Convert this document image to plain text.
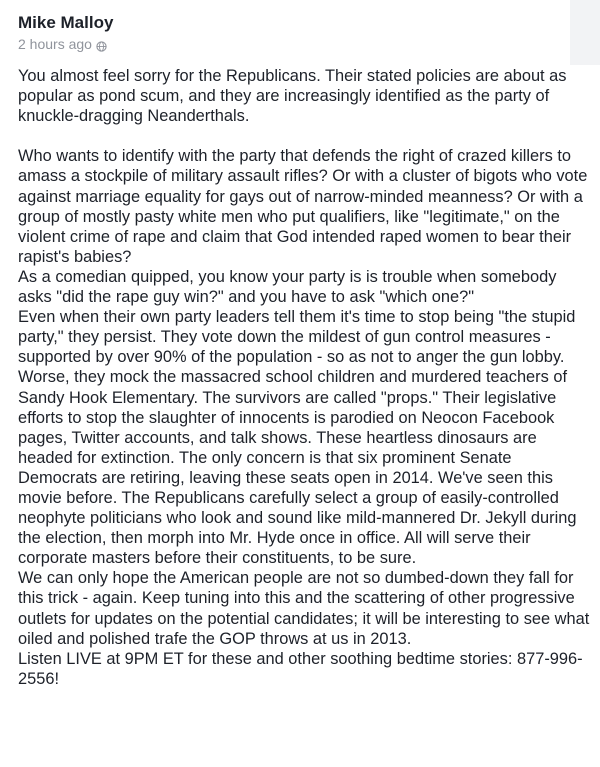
Mike Malloy
2 hours ago

You almost feel sorry for the Republicans. Their stated policies are about as popular as pond scum, and they are increasingly identified as the party of knuckle-dragging Neanderthals.

Who wants to identify with the party that defends the right of crazed killers to amass a stockpile of military assault rifles? Or with a cluster of bigots who vote against marriage equality for gays out of narrow-minded meanness? Or with a group of mostly pasty white men who put qualifiers, like "legitimate," on the violent crime of rape and claim that God intended raped women to bear their rapist's babies?

As a comedian quipped, you know your party is is trouble when somebody asks "did the rape guy win?" and you have to ask "which one?"

Even when their own party leaders tell them it's time to stop being "the stupid party," they persist. They vote down the mildest of gun control measures - supported by over 90% of the population - so as not to anger the gun lobby. Worse, they mock the massacred school children and murdered teachers of Sandy Hook Elementary. The survivors are called "props." Their legislative efforts to stop the slaughter of innocents is parodied on Neocon Facebook pages, Twitter accounts, and talk shows. These heartless dinosaurs are headed for extinction. The only concern is that six prominent Senate Democrats are retiring, leaving these seats open in 2014. We've seen this movie before. The Republicans carefully select a group of easily-controlled neophyte politicians who look and sound like mild-mannered Dr. Jekyll during the election, then morph into Mr. Hyde once in office. All will serve their corporate masters before their constituents, to be sure.

We can only hope the American people are not so dumbed-down they fall for this trick - again. Keep tuning into this and the scattering of other progressive outlets for updates on the potential candidates; it will be interesting to see what oiled and polished trafe the GOP throws at us in 2013.

Listen LIVE at 9PM ET for these and other soothing bedtime stories: 877-996-2556!
